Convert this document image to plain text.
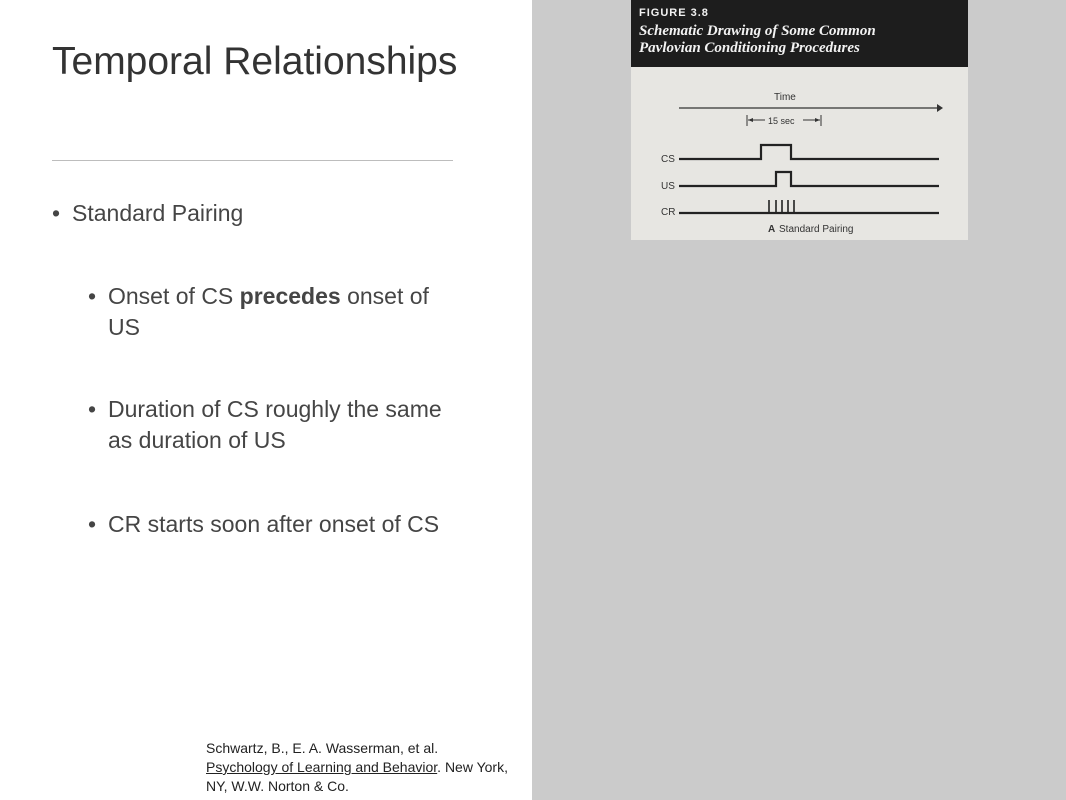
Temporal Relationships
• Standard Pairing
• Onset of CS precedes onset of US
• Duration of CS roughly the same as duration of US
• CR starts soon after onset of CS
Schwartz, B., E. A. Wasserman, et al.
Psychology of Learning and Behavior. New York, NY, W.W. Norton & Co.
FIGURE 3.8
Schematic Drawing of Some Common
Pavlovian Conditioning Procedures
Time
15 sec
CS
US
CR
A Standard Pairing
